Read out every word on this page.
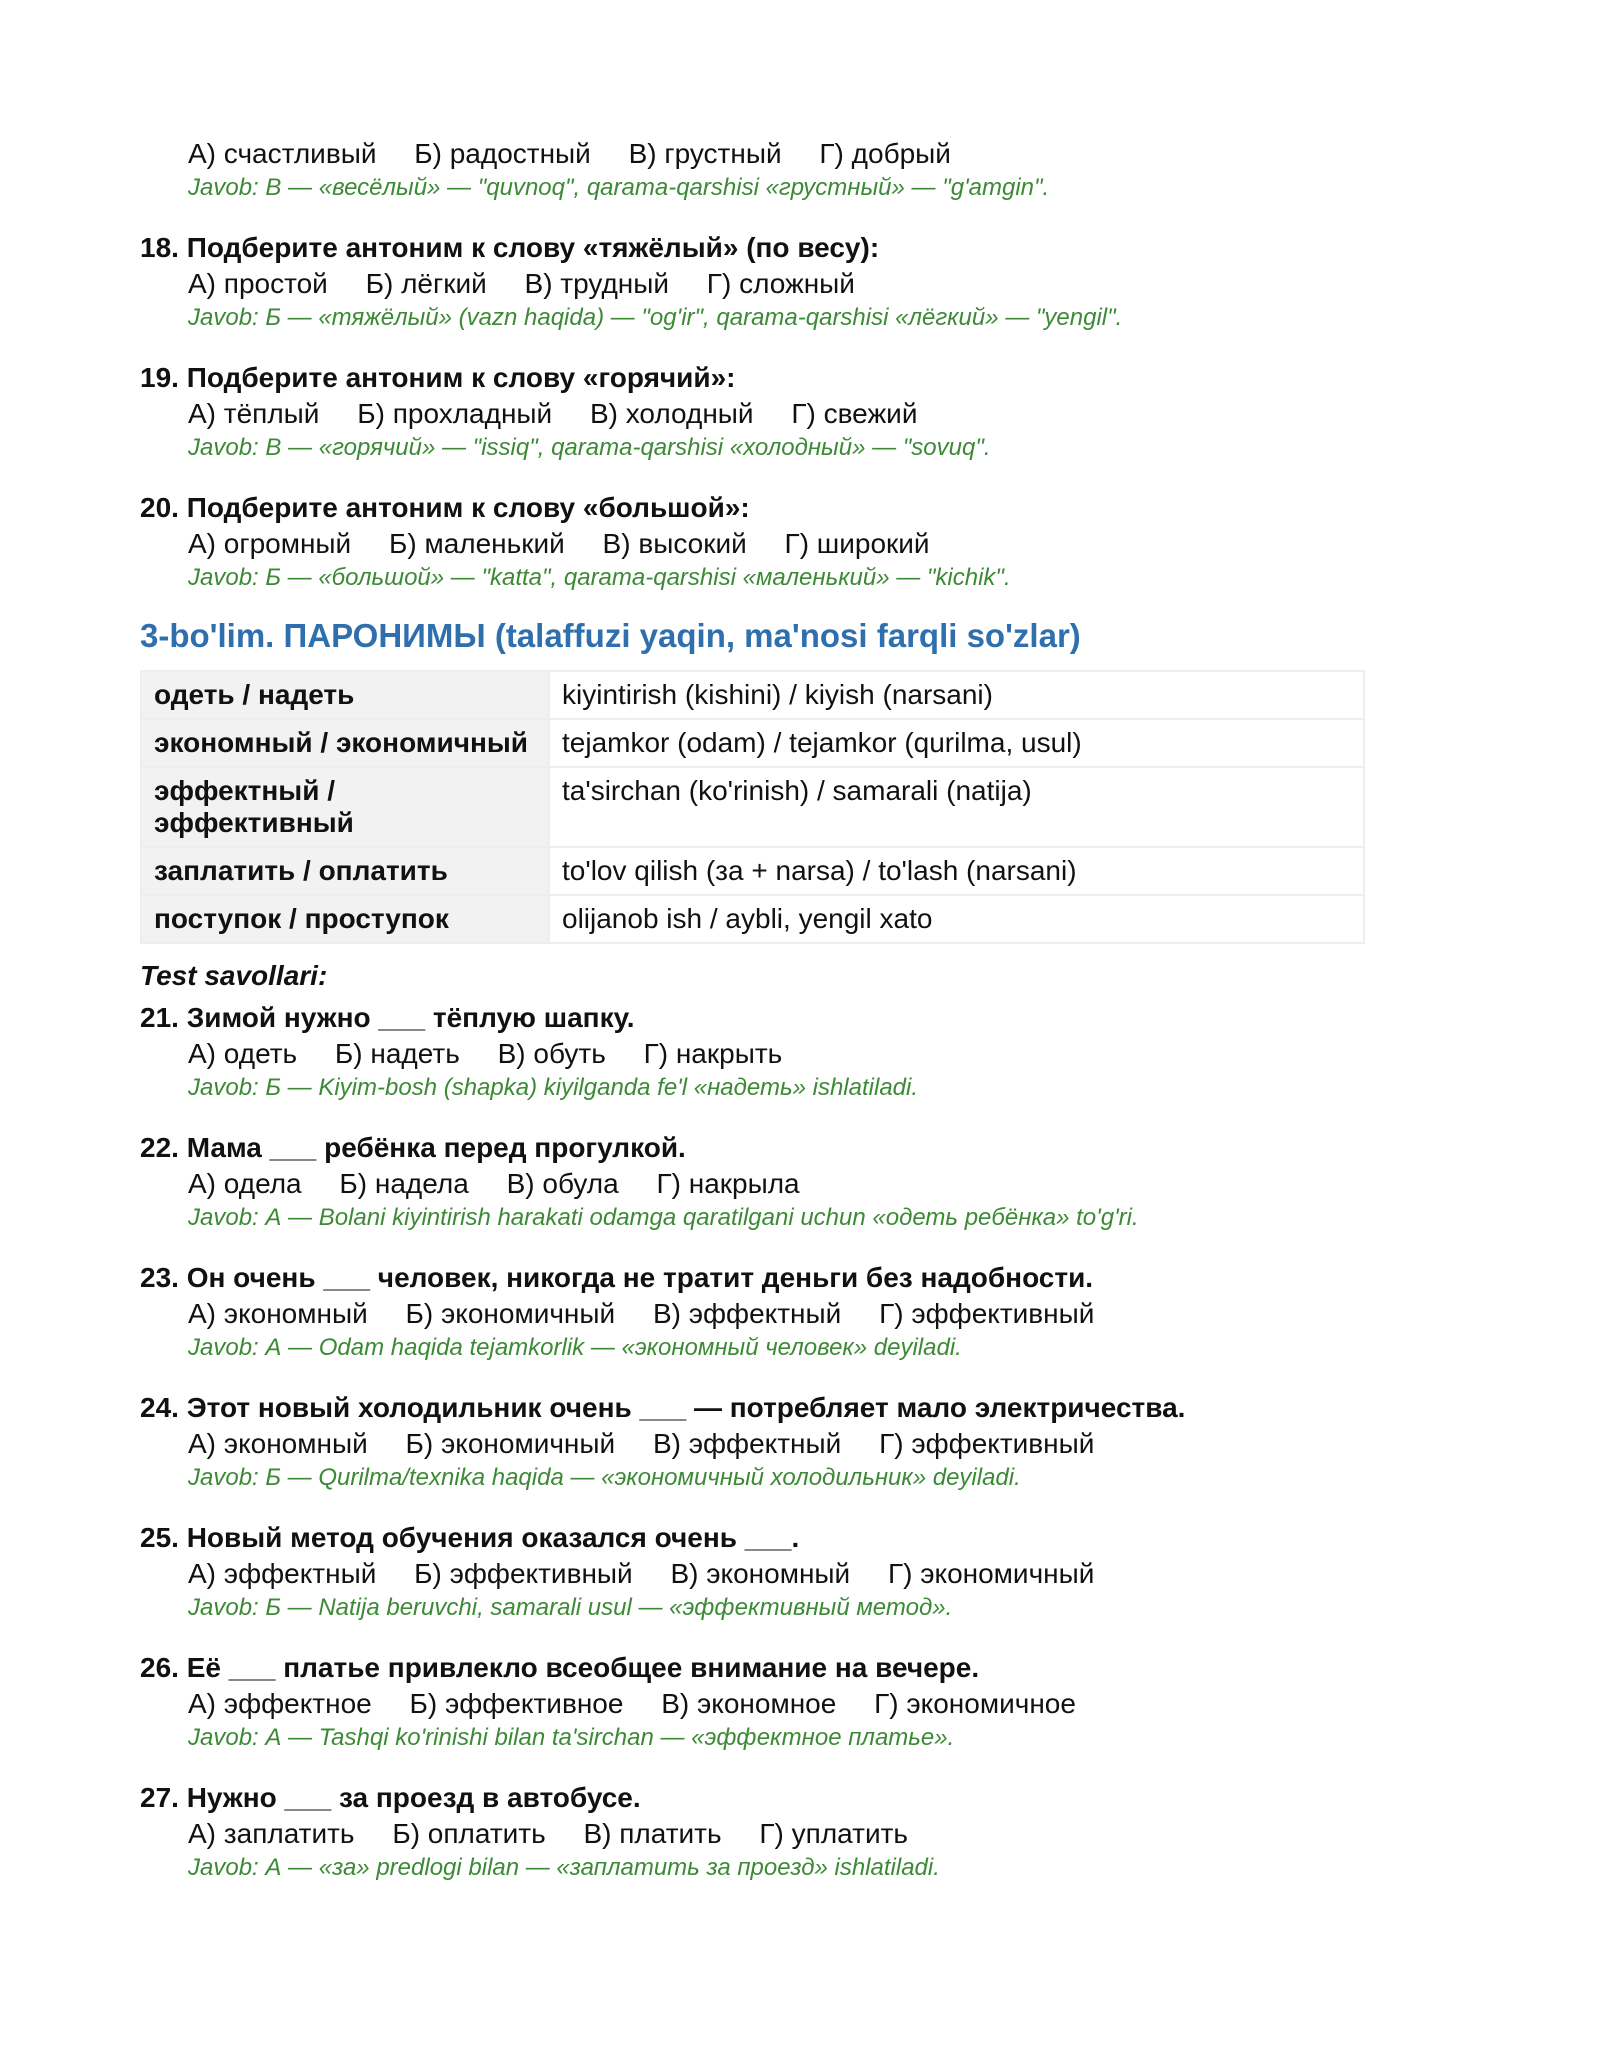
А) счастливый Б) радостный В) грустный Г) добрый
Javob: В — «весёлый» — "quvnoq", qarama-qarshisi «грустный» — "g'amgin".
18. Подберите антоним к слову «тяжёлый» (по весу):
А) простой Б) лёгкий В) трудный Г) сложный
Javob: Б — «тяжёлый» (vazn haqida) — "og'ir", qarama-qarshisi «лёгкий» — "yengil".
19. Подберите антоним к слову «горячий»:
А) тёплый Б) прохладный В) холодный Г) свежий
Javob: В — «горячий» — "issiq", qarama-qarshisi «холодный» — "sovuq".
20. Подберите антоним к слову «большой»:
А) огромный Б) маленький В) высокий Г) широкий
Javob: Б — «большой» — "katta", qarama-qarshisi «маленький» — "kichik".
3-bo'lim. ПАРОНИМЫ (talaffuzi yaqin, ma'nosi farqli so'zlar)
одеть / надеть	kiyintirish (kishini) / kiyish (narsani)
экономный / экономичный	tejamkor (odam) / tejamkor (qurilma, usul)
эффектный / эффективный	ta'sirchan (ko'rinish) / samarali (natija)
заплатить / оплатить	to'lov qilish (за + narsa) / to'lash (narsani)
поступок / проступок	olijanob ish / aybli, yengil xato
Test savollari:
21. Зимой нужно ___ тёплую шапку.
А) одеть Б) надеть В) обуть Г) накрыть
Javob: Б — Kiyim-bosh (shapka) kiyilganda fe'l «надеть» ishlatiladi.
22. Мама ___ ребёнка перед прогулкой.
А) одела Б) надела В) обула Г) накрыла
Javob: А — Bolani kiyintirish harakati odamga qaratilgani uchun «одеть ребёнка» to'g'ri.
23. Он очень ___ человек, никогда не тратит деньги без надобности.
А) экономный Б) экономичный В) эффектный Г) эффективный
Javob: А — Odam haqida tejamkorlik — «экономный человек» deyiladi.
24. Этот новый холодильник очень ___ — потребляет мало электричества.
А) экономный Б) экономичный В) эффектный Г) эффективный
Javob: Б — Qurilma/texnika haqida — «экономичный холодильник» deyiladi.
25. Новый метод обучения оказался очень ___.
А) эффектный Б) эффективный В) экономный Г) экономичный
Javob: Б — Natija beruvchi, samarali usul — «эффективный метод».
26. Её ___ платье привлекло всеобщее внимание на вечере.
А) эффектное Б) эффективное В) экономное Г) экономичное
Javob: А — Tashqi ko'rinishi bilan ta'sirchan — «эффектное платье».
27. Нужно ___ за проезд в автобусе.
А) заплатить Б) оплатить В) платить Г) уплатить
Javob: А — «за» predlogi bilan — «заплатить за проезд» ishlatiladi.
